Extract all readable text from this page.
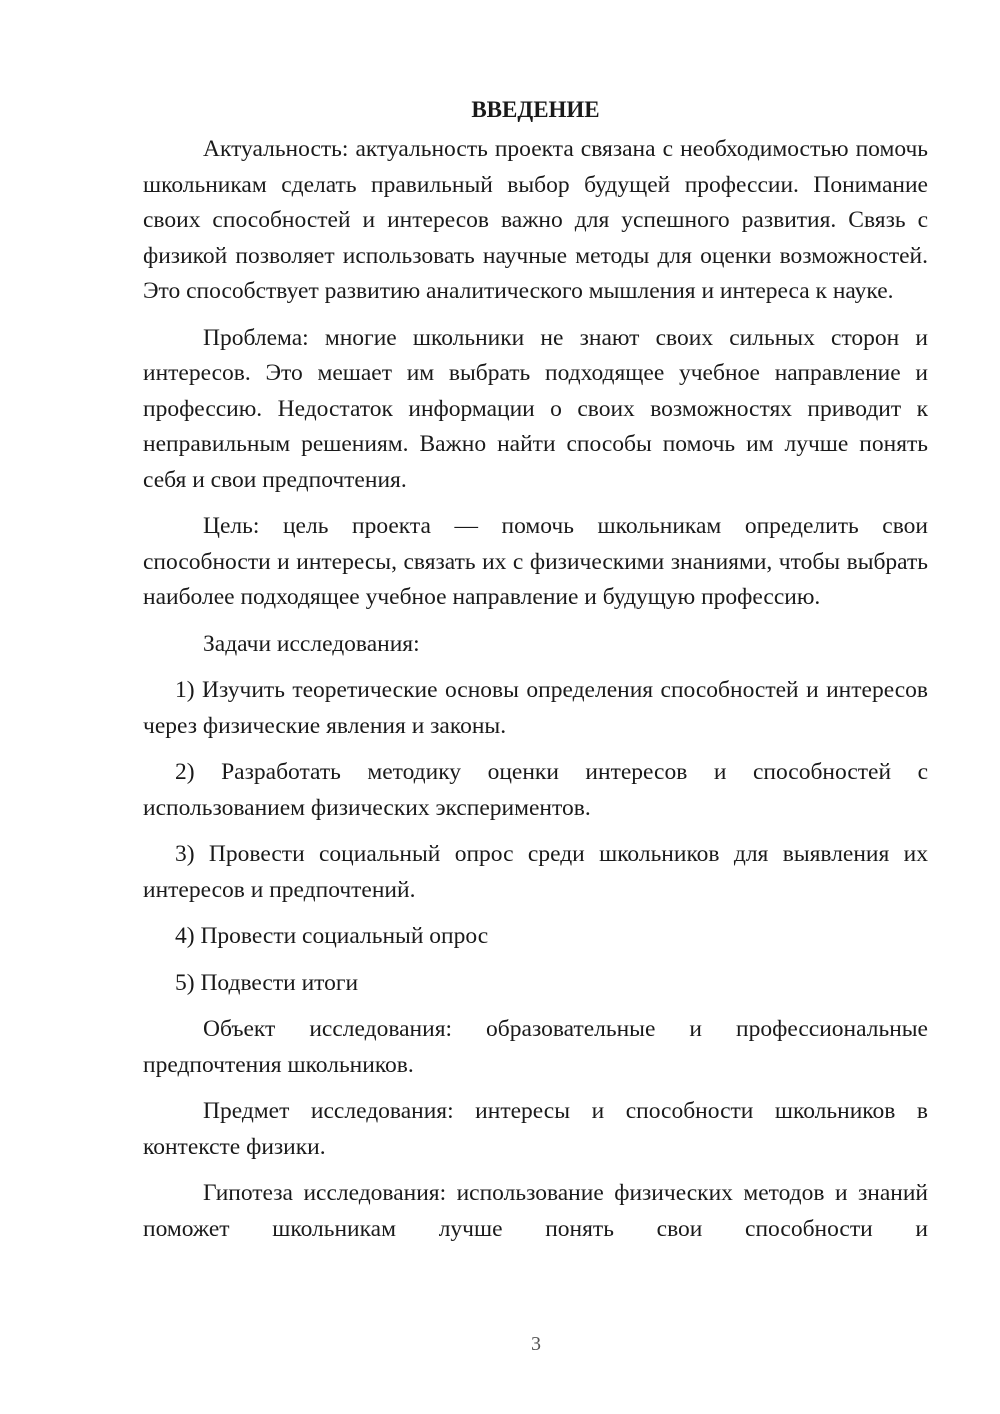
ВВЕДЕНИЕ

Актуальность: актуальность проекта связана с необходимостью помочь школьникам сделать правильный выбор будущей профессии. Понимание своих способностей и интересов важно для успешного развития. Связь с физикой позволяет использовать научные методы для оценки возможностей. Это способствует развитию аналитического мышления и интереса к науке.

Проблема: многие школьники не знают своих сильных сторон и интересов. Это мешает им выбрать подходящее учебное направление и профессию. Недостаток информации о своих возможностях приводит к неправильным решениям. Важно найти способы помочь им лучше понять себя и свои предпочтения.

Цель: цель проекта — помочь школьникам определить свои способности и интересы, связать их с физическими знаниями, чтобы выбрать наиболее подходящее учебное направление и будущую профессию.

Задачи исследования:

1) Изучить теоретические основы определения способностей и интересов через физические явления и законы.

2) Разработать методику оценки интересов и способностей с использованием физических экспериментов.

3) Провести социальный опрос среди школьников для выявления их интересов и предпочтений.

4) Провести социальный опрос

5) Подвести итоги

Объект исследования: образовательные и профессиональные предпочтения школьников.

Предмет исследования: интересы и способности школьников в контексте физики.

Гипотеза исследования: использование физических методов и знаний поможет школьникам лучше понять свои способности и

3
